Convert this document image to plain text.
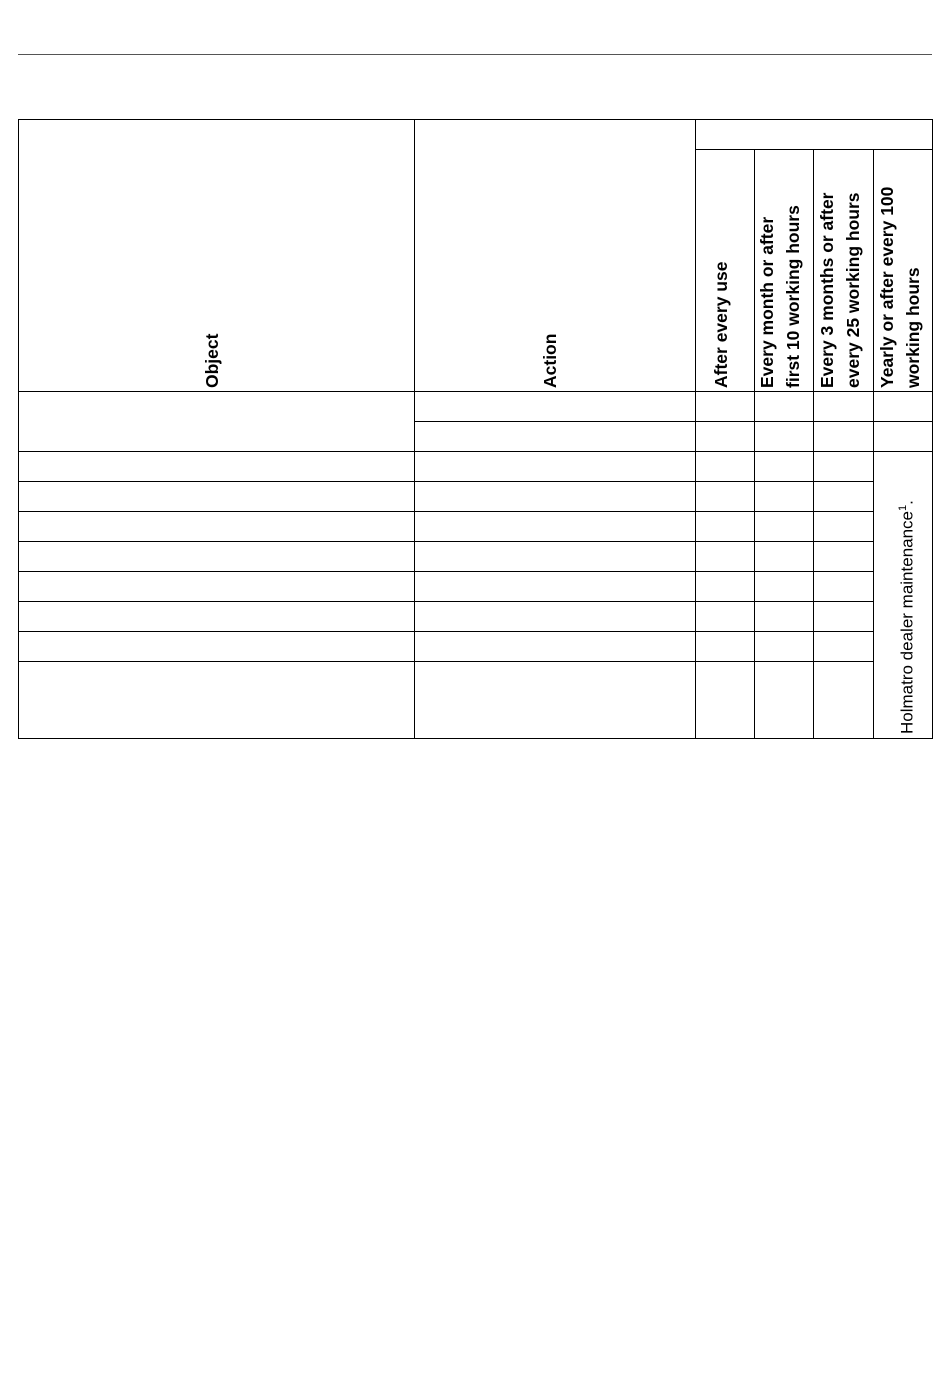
Object	Action	After every use Every month or after first 10 working hours Every 3 months or after every 25 working hours Yearly or after every 100 working hours
Holmatro dealer maintenance$^1$.
